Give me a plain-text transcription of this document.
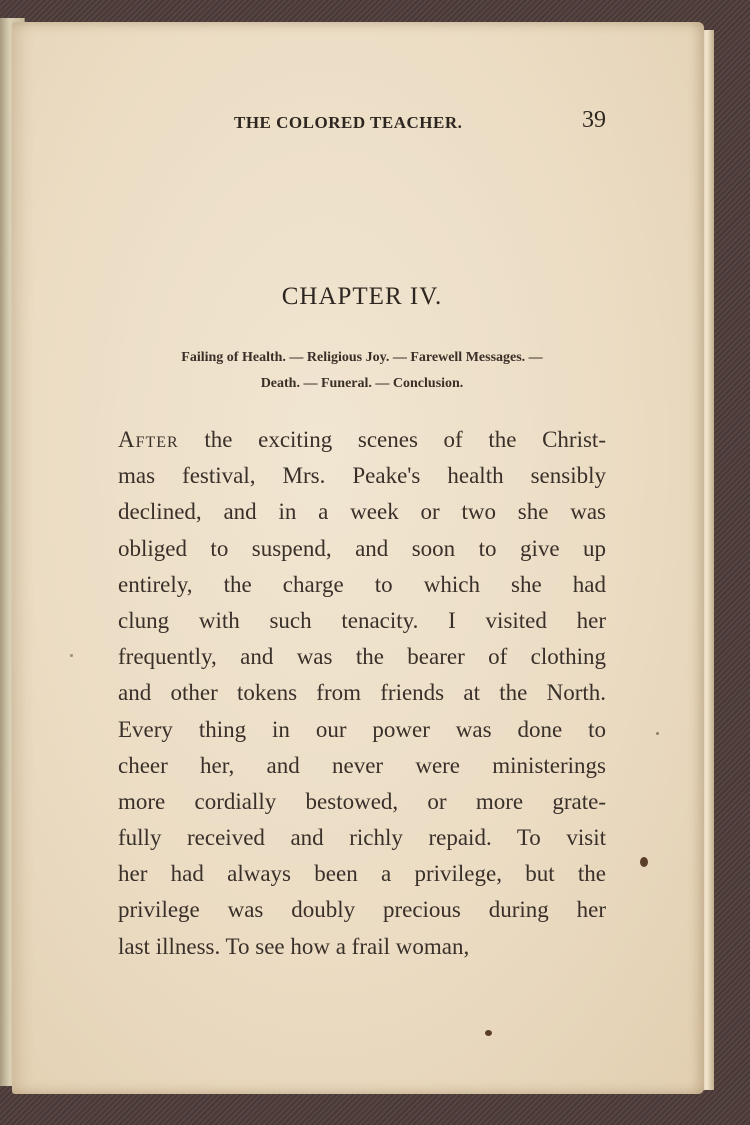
THE COLORED TEACHER.	39
CHAPTER IV.
Failing of Health. — Religious Joy. — Farewell Messages. —
Death. — Funeral. — Conclusion.
After the exciting scenes of the Christ-
mas festival, Mrs. Peake's health sensibly
declined, and in a week or two she was
obliged to suspend, and soon to give up
entirely, the charge to which she had
clung with such tenacity. I visited her
frequently, and was the bearer of clothing
and other tokens from friends at the North.
Every thing in our power was done to
cheer her, and never were ministerings
more cordially bestowed, or more grate-
fully received and richly repaid. To visit
her had always been a privilege, but the
privilege was doubly precious during her
last illness. To see how a frail woman,
